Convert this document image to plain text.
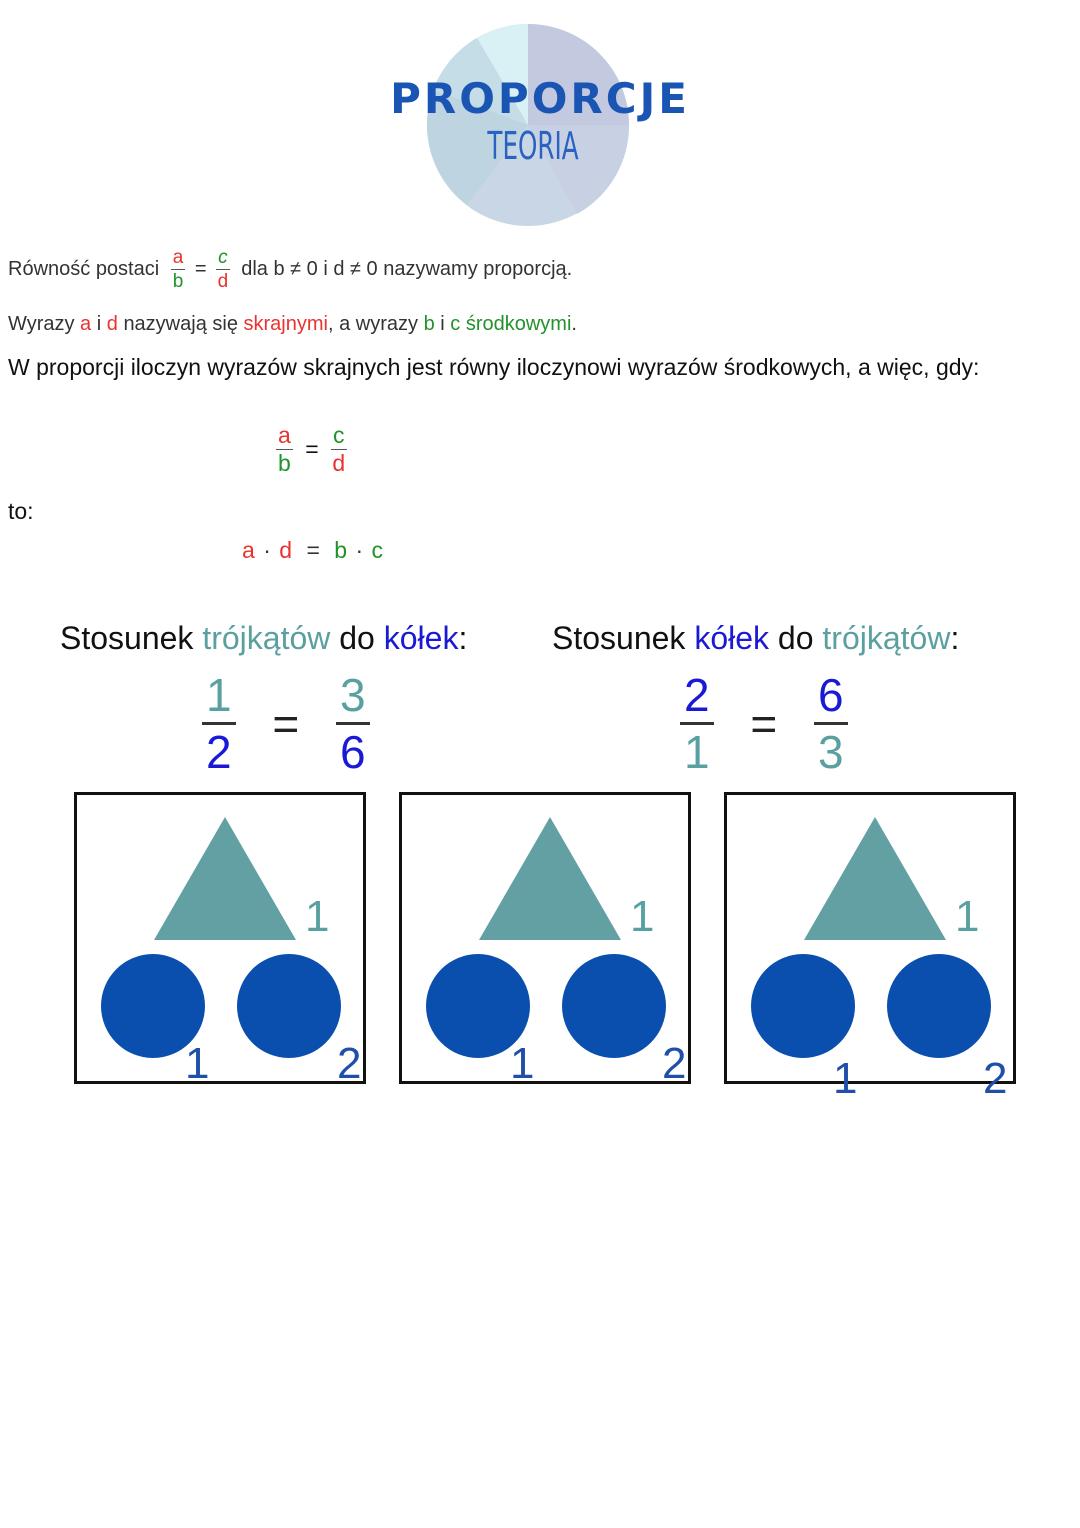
PROPORCJE
TEORIA
Równość postaci $\frac{a}{b} = \frac{c}{d}$ dla b ≠ 0 i d ≠ 0 nazywamy proporcją.
Wyrazy a i d nazywają się skrajnymi, a wyrazy b i c środkowymi.
W proporcji iloczyn wyrazów skrajnych jest równy iloczynowi wyrazów środkowych, a więc, gdy:
$\frac{a}{b} = \frac{c}{d}$
to:
a · d = b · c
Stosunek trójkątów do kółek:	Stosunek kółek do trójkątów:
$\frac{1}{2} = \frac{3}{6}$	$\frac{2}{1} = \frac{6}{3}$
1
1	2
1
1	2
1
1	2
